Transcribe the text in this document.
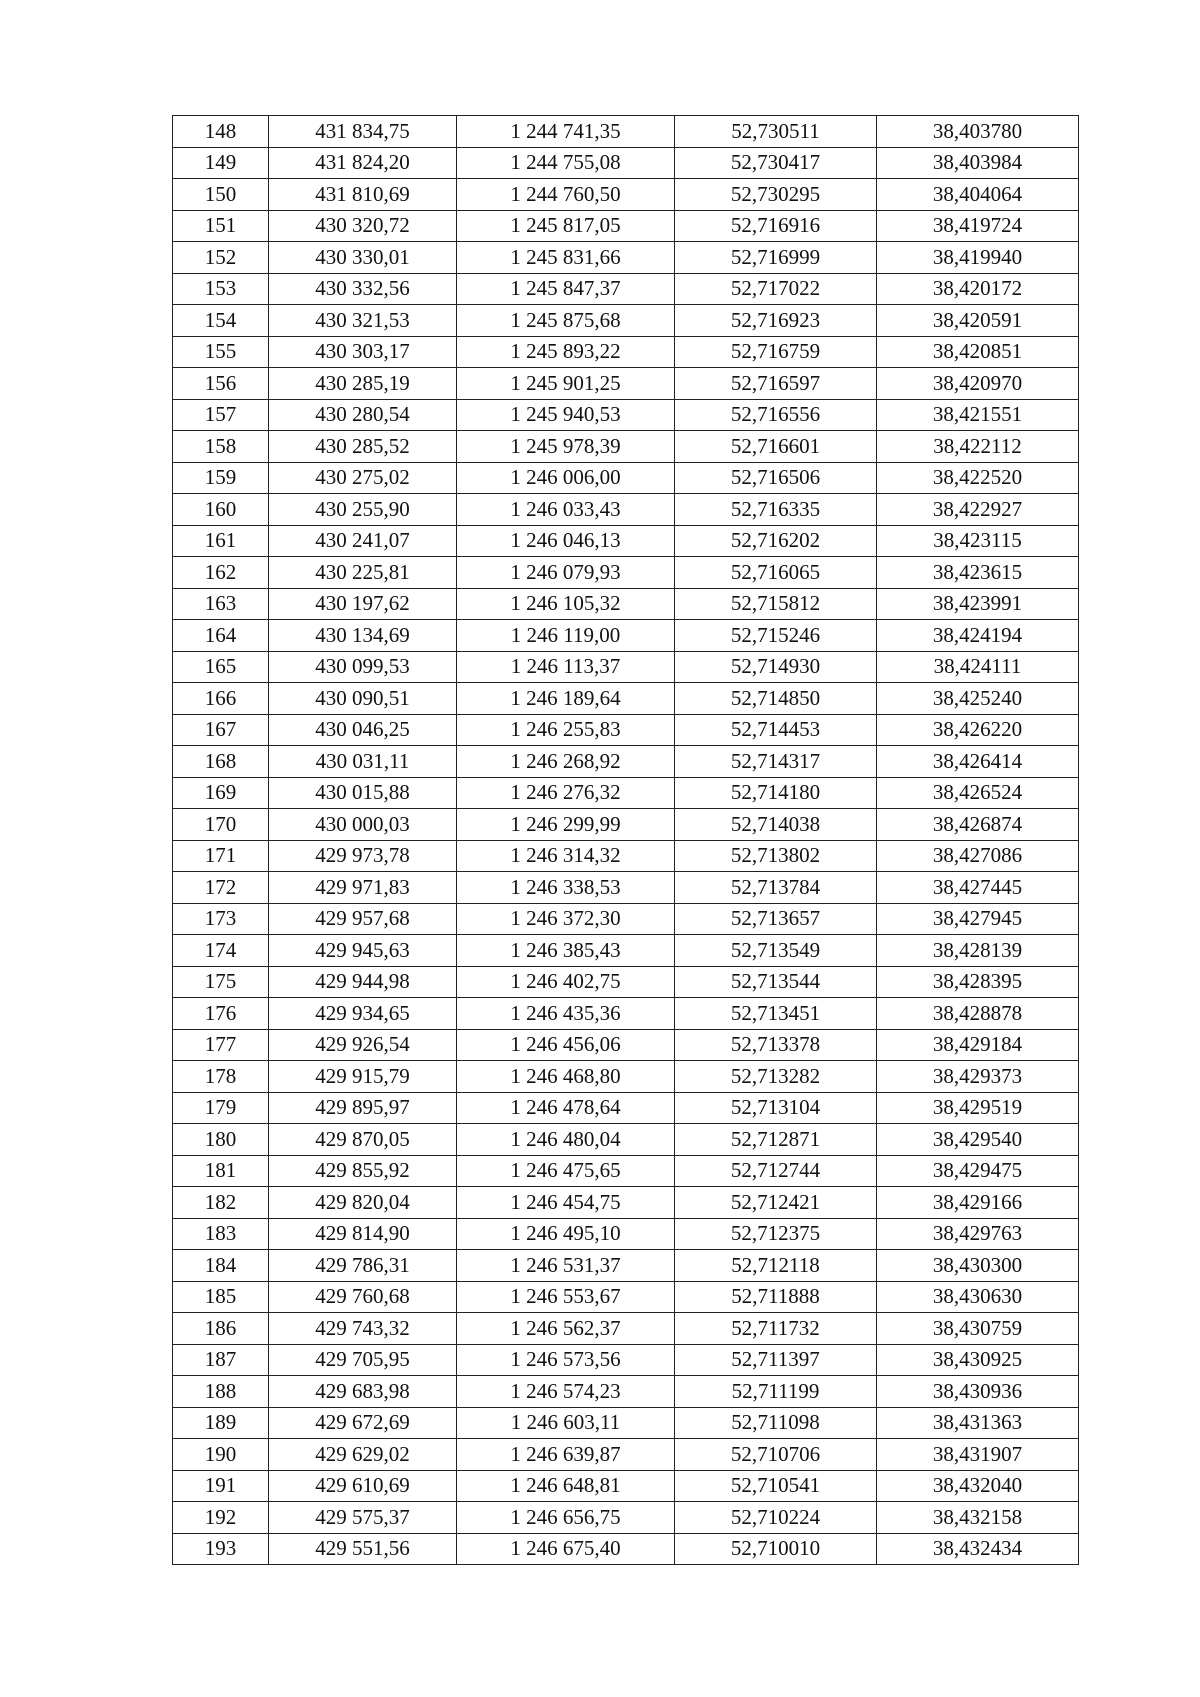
148	431 834,75	1 244 741,35	52,730511	38,403780
149	431 824,20	1 244 755,08	52,730417	38,403984
150	431 810,69	1 244 760,50	52,730295	38,404064
151	430 320,72	1 245 817,05	52,716916	38,419724
152	430 330,01	1 245 831,66	52,716999	38,419940
153	430 332,56	1 245 847,37	52,717022	38,420172
154	430 321,53	1 245 875,68	52,716923	38,420591
155	430 303,17	1 245 893,22	52,716759	38,420851
156	430 285,19	1 245 901,25	52,716597	38,420970
157	430 280,54	1 245 940,53	52,716556	38,421551
158	430 285,52	1 245 978,39	52,716601	38,422112
159	430 275,02	1 246 006,00	52,716506	38,422520
160	430 255,90	1 246 033,43	52,716335	38,422927
161	430 241,07	1 246 046,13	52,716202	38,423115
162	430 225,81	1 246 079,93	52,716065	38,423615
163	430 197,62	1 246 105,32	52,715812	38,423991
164	430 134,69	1 246 119,00	52,715246	38,424194
165	430 099,53	1 246 113,37	52,714930	38,424111
166	430 090,51	1 246 189,64	52,714850	38,425240
167	430 046,25	1 246 255,83	52,714453	38,426220
168	430 031,11	1 246 268,92	52,714317	38,426414
169	430 015,88	1 246 276,32	52,714180	38,426524
170	430 000,03	1 246 299,99	52,714038	38,426874
171	429 973,78	1 246 314,32	52,713802	38,427086
172	429 971,83	1 246 338,53	52,713784	38,427445
173	429 957,68	1 246 372,30	52,713657	38,427945
174	429 945,63	1 246 385,43	52,713549	38,428139
175	429 944,98	1 246 402,75	52,713544	38,428395
176	429 934,65	1 246 435,36	52,713451	38,428878
177	429 926,54	1 246 456,06	52,713378	38,429184
178	429 915,79	1 246 468,80	52,713282	38,429373
179	429 895,97	1 246 478,64	52,713104	38,429519
180	429 870,05	1 246 480,04	52,712871	38,429540
181	429 855,92	1 246 475,65	52,712744	38,429475
182	429 820,04	1 246 454,75	52,712421	38,429166
183	429 814,90	1 246 495,10	52,712375	38,429763
184	429 786,31	1 246 531,37	52,712118	38,430300
185	429 760,68	1 246 553,67	52,711888	38,430630
186	429 743,32	1 246 562,37	52,711732	38,430759
187	429 705,95	1 246 573,56	52,711397	38,430925
188	429 683,98	1 246 574,23	52,711199	38,430936
189	429 672,69	1 246 603,11	52,711098	38,431363
190	429 629,02	1 246 639,87	52,710706	38,431907
191	429 610,69	1 246 648,81	52,710541	38,432040
192	429 575,37	1 246 656,75	52,710224	38,432158
193	429 551,56	1 246 675,40	52,710010	38,432434
